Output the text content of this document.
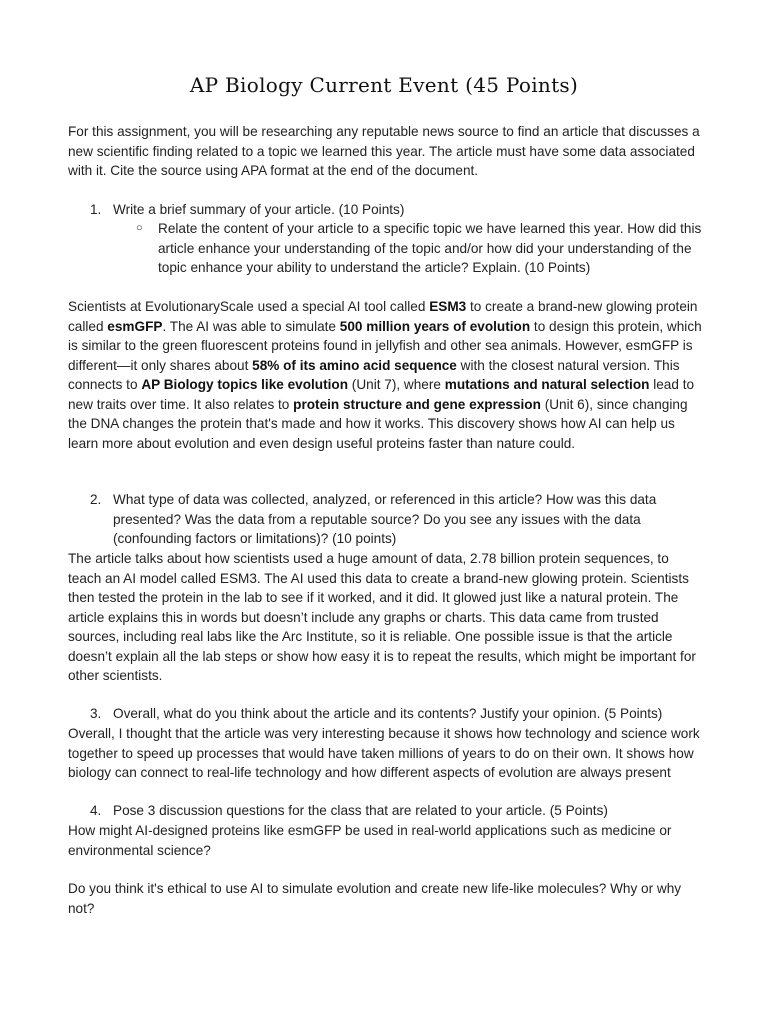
AP Biology Current Event (45 Points)

For this assignment, you will be researching any reputable news source to find an article that discusses a new scientific finding related to a topic we learned this year. The article must have some data associated with it. Cite the source using APA format at the end of the document.

1. Write a brief summary of your article. (10 Points)
○ Relate the content of your article to a specific topic we have learned this year. How did this article enhance your understanding of the topic and/or how did your understanding of the topic enhance your ability to understand the article? Explain. (10 Points)

Scientists at EvolutionaryScale used a special AI tool called ESM3 to create a brand-new glowing protein called esmGFP. The AI was able to simulate 500 million years of evolution to design this protein, which is similar to the green fluorescent proteins found in jellyfish and other sea animals. However, esmGFP is different—it only shares about 58% of its amino acid sequence with the closest natural version. This connects to AP Biology topics like evolution (Unit 7), where mutations and natural selection lead to new traits over time. It also relates to protein structure and gene expression (Unit 6), since changing the DNA changes the protein that's made and how it works. This discovery shows how AI can help us learn more about evolution and even design useful proteins faster than nature could.

2. What type of data was collected, analyzed, or referenced in this article? How was this data presented? Was the data from a reputable source? Do you see any issues with the data (confounding factors or limitations)? (10 points)

The article talks about how scientists used a huge amount of data, 2.78 billion protein sequences, to teach an AI model called ESM3. The AI used this data to create a brand-new glowing protein. Scientists then tested the protein in the lab to see if it worked, and it did. It glowed just like a natural protein. The article explains this in words but doesn’t include any graphs or charts. This data came from trusted sources, including real labs like the Arc Institute, so it is reliable. One possible issue is that the article doesn’t explain all the lab steps or show how easy it is to repeat the results, which might be important for other scientists.

3. Overall, what do you think about the article and its contents? Justify your opinion. (5 Points)

Overall, I thought that the article was very interesting because it shows how technology and science work together to speed up processes that would have taken millions of years to do on their own. It shows how biology can connect to real-life technology and how different aspects of evolution are always present

4. Pose 3 discussion questions for the class that are related to your article. (5 Points)

How might AI-designed proteins like esmGFP be used in real-world applications such as medicine or environmental science?

Do you think it's ethical to use AI to simulate evolution and create new life-like molecules? Why or why not?
